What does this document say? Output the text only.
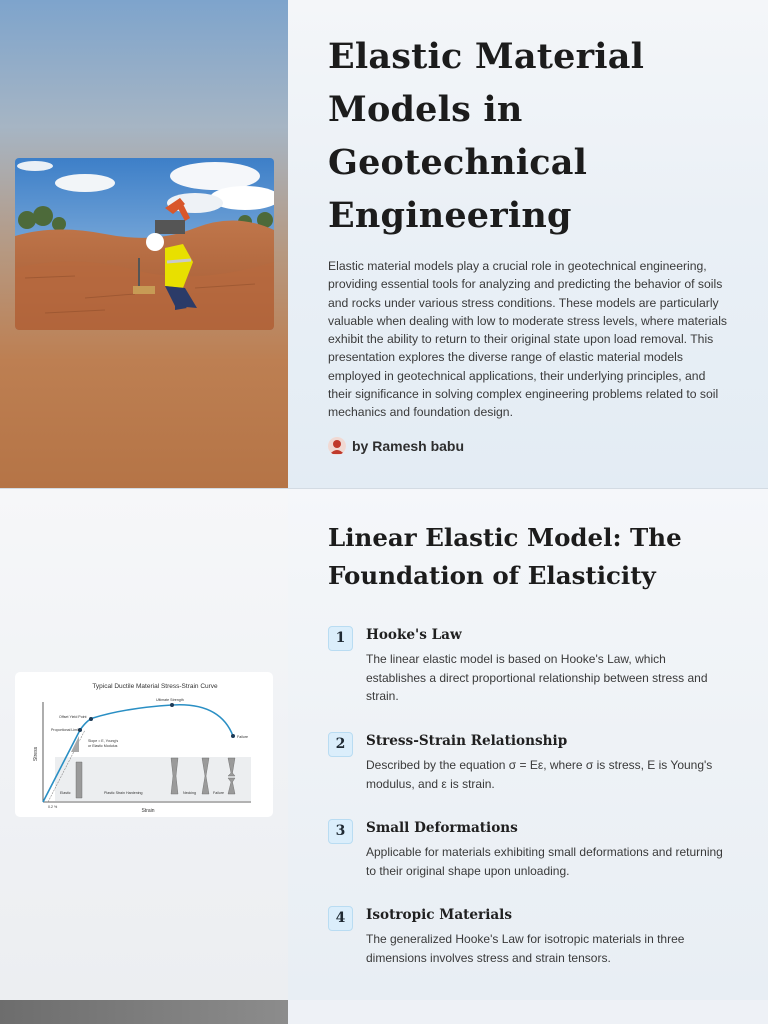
Elastic Material Models in Geotechnical Engineering

Elastic material models play a crucial role in geotechnical engineering, providing essential tools for analyzing and predicting the behavior of soils and rocks under various stress conditions. These models are particularly valuable when dealing with low to moderate stress levels, where materials exhibit the ability to return to their original state upon load removal. This presentation explores the diverse range of elastic material models employed in geotechnical applications, their underlying principles, and their significance in solving complex engineering problems related to soil mechanics and foundation design.

by Ramesh babu
Typical Ductile Material Stress-Strain Curve
Stress
Strain
Ultimate Strength
Offset Yield Point
Proportional Limit
Slope = E, Young's
or Elastic Modulus
Failure
0.2 %
Elastic	Plastic Strain Hardening	Necking	Failure
Linear Elastic Model: The Foundation of Elasticity
1	Hooke's Law

The linear elastic model is based on Hooke's Law, which establishes a direct proportional relationship between stress and strain.

2	Stress-Strain Relationship

Described by the equation σ = Eε, where σ is stress, E is Young's modulus, and ε is strain.

3	Small Deformations

Applicable for materials exhibiting small deformations and returning to their original shape upon unloading.

4	Isotropic Materials

The generalized Hooke's Law for isotropic materials in three dimensions involves stress and strain tensors.
